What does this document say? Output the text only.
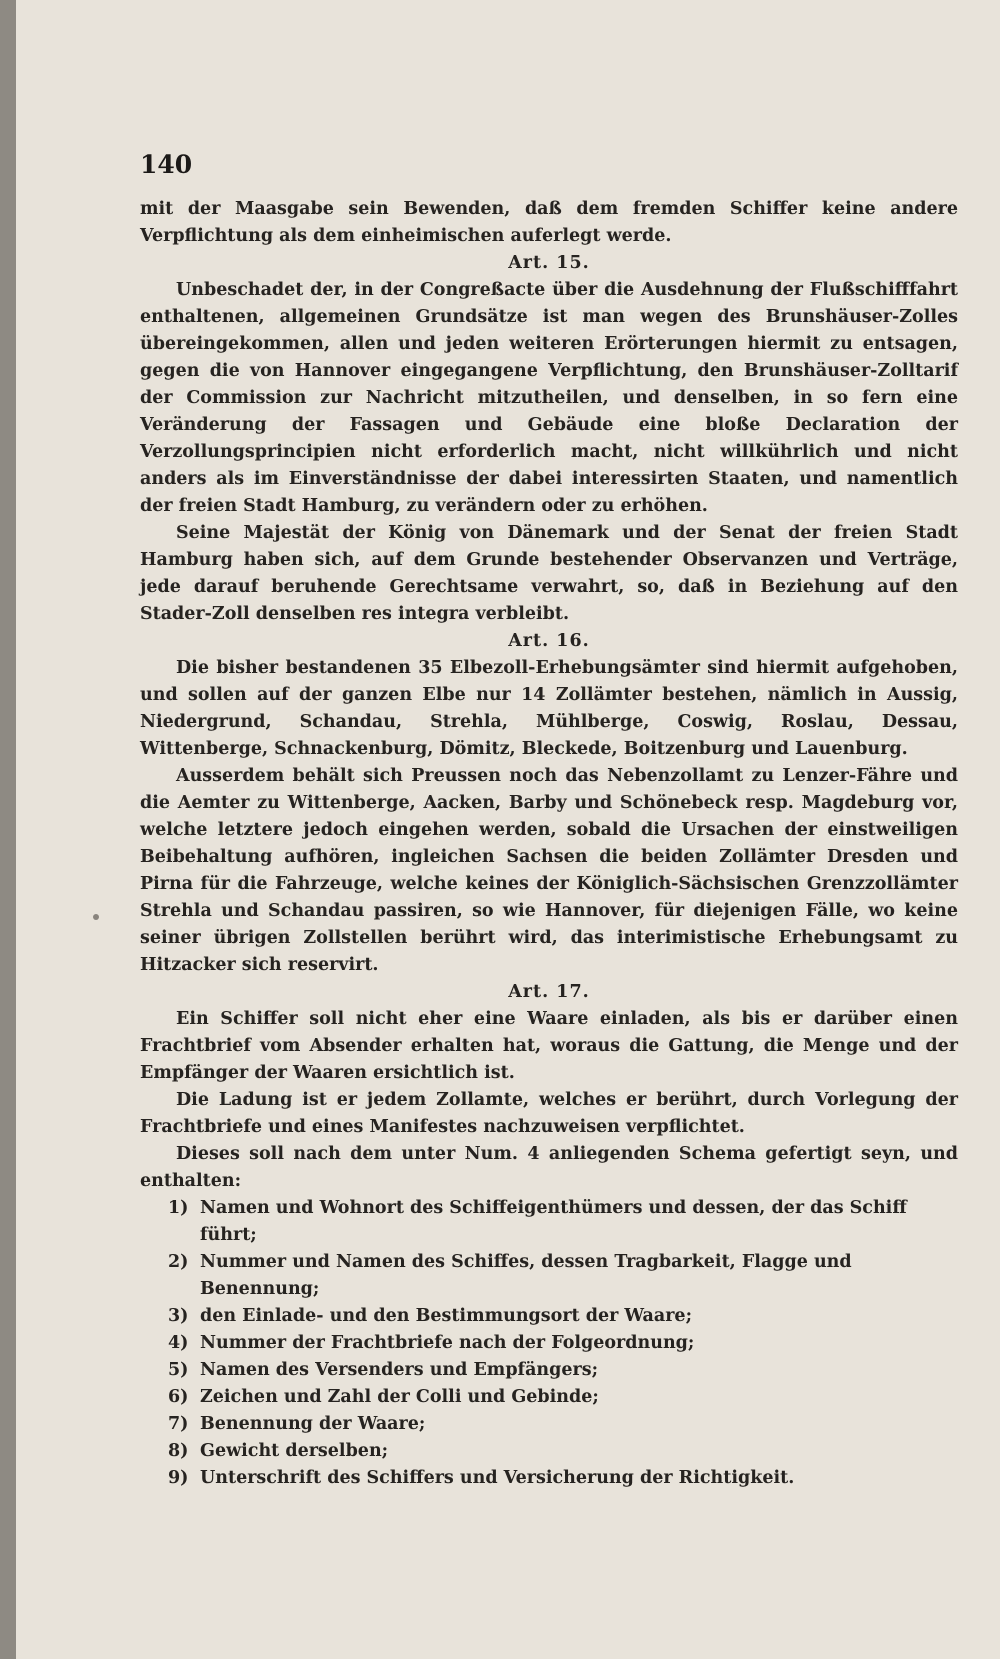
140

mit der Maasgabe sein Bewenden, daß dem fremden Schiffer keine andere Verpflichtung als dem einheimischen auferlegt werde.

Art. 15.

Unbeschadet der, in der Congreßacte über die Ausdehnung der Flußschifffahrt enthaltenen, allgemeinen Grundsätze ist man wegen des Brunshäuser-Zolles übereingekommen, allen und jeden weiteren Erörterungen hiermit zu entsagen, gegen die von Hannover eingegangene Verpflichtung, den Brunshäuser-Zolltarif der Commission zur Nachricht mitzutheilen, und denselben, in so fern eine Veränderung der Fassagen und Gebäude eine bloße Declaration der Verzollungsprincipien nicht erforderlich macht, nicht willkührlich und nicht anders als im Einverständnisse der dabei interessirten Staaten, und namentlich der freien Stadt Hamburg, zu verändern oder zu erhöhen.

Seine Majestät der König von Dänemark und der Senat der freien Stadt Hamburg haben sich, auf dem Grunde bestehender Observanzen und Verträge, jede darauf beruhende Gerechtsame verwahrt, so, daß in Beziehung auf den Stader-Zoll denselben res integra verbleibt.

Art. 16.

Die bisher bestandenen 35 Elbezoll-Erhebungsämter sind hiermit aufgehoben, und sollen auf der ganzen Elbe nur 14 Zollämter bestehen, nämlich in Aussig, Niedergrund, Schandau, Strehla, Mühlberge, Coswig, Roslau, Dessau, Wittenberge, Schnackenburg, Dömitz, Bleckede, Boitzenburg und Lauenburg.

Ausserdem behält sich Preussen noch das Nebenzollamt zu Lenzer-Fähre und die Aemter zu Wittenberge, Aacken, Barby und Schönebeck resp. Magdeburg vor, welche letztere jedoch eingehen werden, sobald die Ursachen der einstweiligen Beibehaltung aufhören, ingleichen Sachsen die beiden Zollämter Dresden und Pirna für die Fahrzeuge, welche keines der Königlich-Sächsischen Grenzzollämter Strehla und Schandau passiren, so wie Hannover, für diejenigen Fälle, wo keine seiner übrigen Zollstellen berührt wird, das interimistische Erhebungsamt zu Hitzacker sich reservirt.

Art. 17.

Ein Schiffer soll nicht eher eine Waare einladen, als bis er darüber einen Frachtbrief vom Absender erhalten hat, woraus die Gattung, die Menge und der Empfänger der Waaren ersichtlich ist.

Die Ladung ist er jedem Zollamte, welches er berührt, durch Vorlegung der Frachtbriefe und eines Manifestes nachzuweisen verpflichtet.

Dieses soll nach dem unter Num. 4 anliegenden Schema gefertigt seyn, und enthalten:

1) Namen und Wohnort des Schiffeigenthümers und dessen, der das Schiff führt;
2) Nummer und Namen des Schiffes, dessen Tragbarkeit, Flagge und Benennung;
3) den Einlade- und den Bestimmungsort der Waare;
4) Nummer der Frachtbriefe nach der Folgeordnung;
5) Namen des Versenders und Empfängers;
6) Zeichen und Zahl der Colli und Gebinde;
7) Benennung der Waare;
8) Gewicht derselben;
9) Unterschrift des Schiffers und Versicherung der Richtigkeit.
